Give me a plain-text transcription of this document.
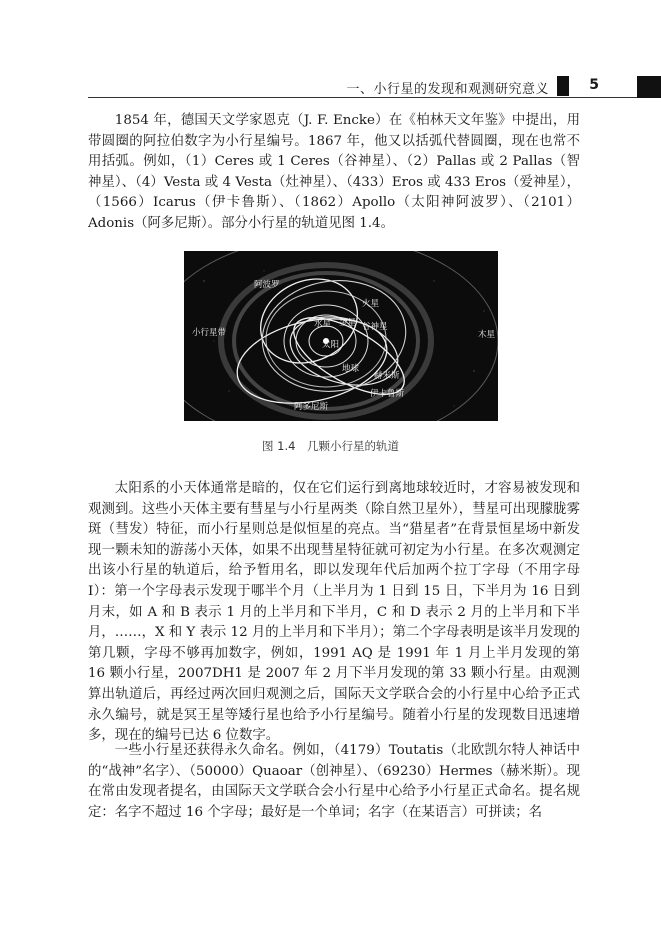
一、小行星的发现和观测研究意义	5

1854 年，德国天文学家恩克（J. F. Encke）在《柏林天文年鉴》中提出，用带圆圈的阿拉伯数字为小行星编号。1867 年，他又以括弧代替圆圈，现在也常不用括弧。例如，（1）Ceres 或 1 Ceres（谷神星）、（2）Pallas 或 2 Pallas（智神星）、（4）Vesta 或 4 Vesta（灶神星）、（433）Eros 或 433 Eros（爱神星），（1566）Icarus（伊卡鲁斯）、（1862）Apollo（太阳神阿波罗）、（2101）Adonis（阿多尼斯）。部分小行星的轨道见图 1.4。

阿波罗
小行星带
火星
水星 金星 谷神星
太阳
木星
地球
赫米斯
伊卡鲁斯
阿多尼斯
图 1.4　几颗小行星的轨道

太阳系的小天体通常是暗的，仅在它们运行到离地球较近时，才容易被发现和观测到。这些小天体主要有彗星与小行星两类（除自然卫星外），彗星可出现朦胧雾斑（彗发）特征，而小行星则总是似恒星的亮点。当“猎星者”在背景恒星场中新发现一颗未知的游荡小天体，如果不出现彗星特征就可初定为小行星。在多次观测定出该小行星的轨道后，给予暂用名，即以发现年代后加两个拉丁字母（不用字母 I）：第一个字母表示发现于哪半个月（上半月为 1 日到 15 日，下半月为 16 日到月末，如 A 和 B 表示 1 月的上半月和下半月，C 和 D 表示 2 月的上半月和下半月，……，X 和 Y 表示 12 月的上半月和下半月）；第二个字母表明是该半月发现的第几颗，字母不够再加数字，例如，1991 AQ 是 1991 年 1 月上半月发现的第 16 颗小行星，2007DH1 是 2007 年 2 月下半月发现的第 33 颗小行星。由观测算出轨道后，再经过两次回归观测之后，国际天文学联合会的小行星中心给予正式永久编号，就是冥王星等矮行星也给予小行星编号。随着小行星的发现数目迅速增多，现在的编号已达 6 位数字。

一些小行星还获得永久命名。例如，（4179）Toutatis（北欧凯尔特人神话中的“战神”名字）、（50000）Quaoar（创神星）、（69230）Hermes（赫米斯）。现在常由发现者提名，由国际天文学联合会小行星中心给予小行星正式命名。提名规定：名字不超过 16 个字母；最好是一个单词；名字（在某语言）可拼读；名
